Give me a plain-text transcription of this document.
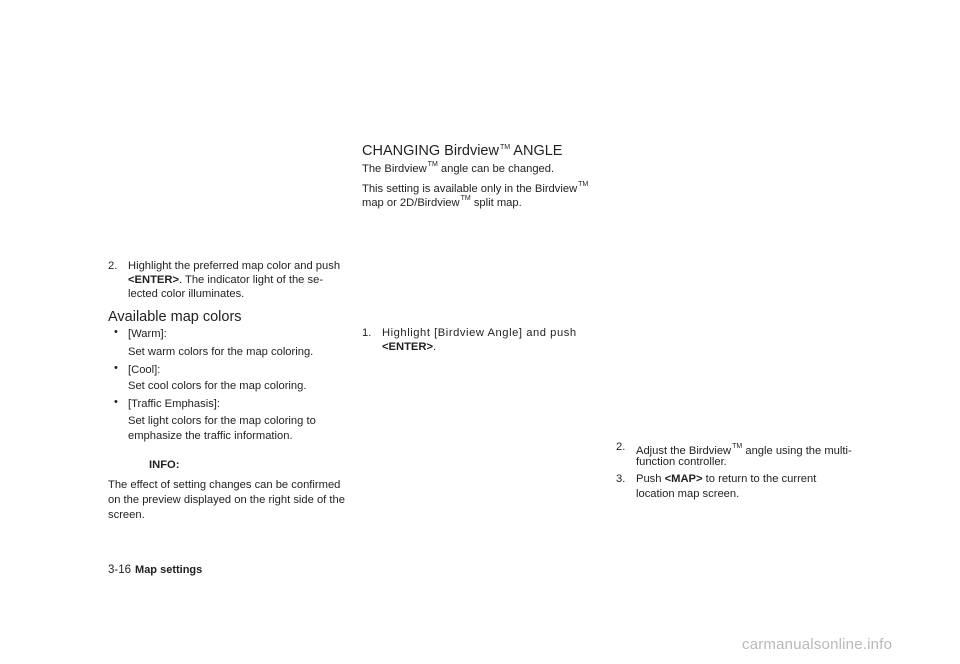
2. Highlight the preferred map color and push
<ENTER>. The indicator light of the se-
lected color illuminates.
Available map colors
• [Warm]:
Set warm colors for the map coloring.
• [Cool]:
Set cool colors for the map coloring.
• [Traffic Emphasis]:
Set light colors for the map coloring to
emphasize the traffic information.
INFO:
The effect of setting changes can be confirmed
on the preview displayed on the right side of the
screen.
CHANGING Birdview™ ANGLE
The Birdview™ angle can be changed.
This setting is available only in the Birdview™
map or 2D/Birdview™ split map.
1. Highlight [Birdview Angle] and push
<ENTER>.
2. Adjust the Birdview™ angle using the multi-
function controller.
3. Push <MAP> to return to the current
location map screen.
3-16 Map settings
carmanualsonline.info
